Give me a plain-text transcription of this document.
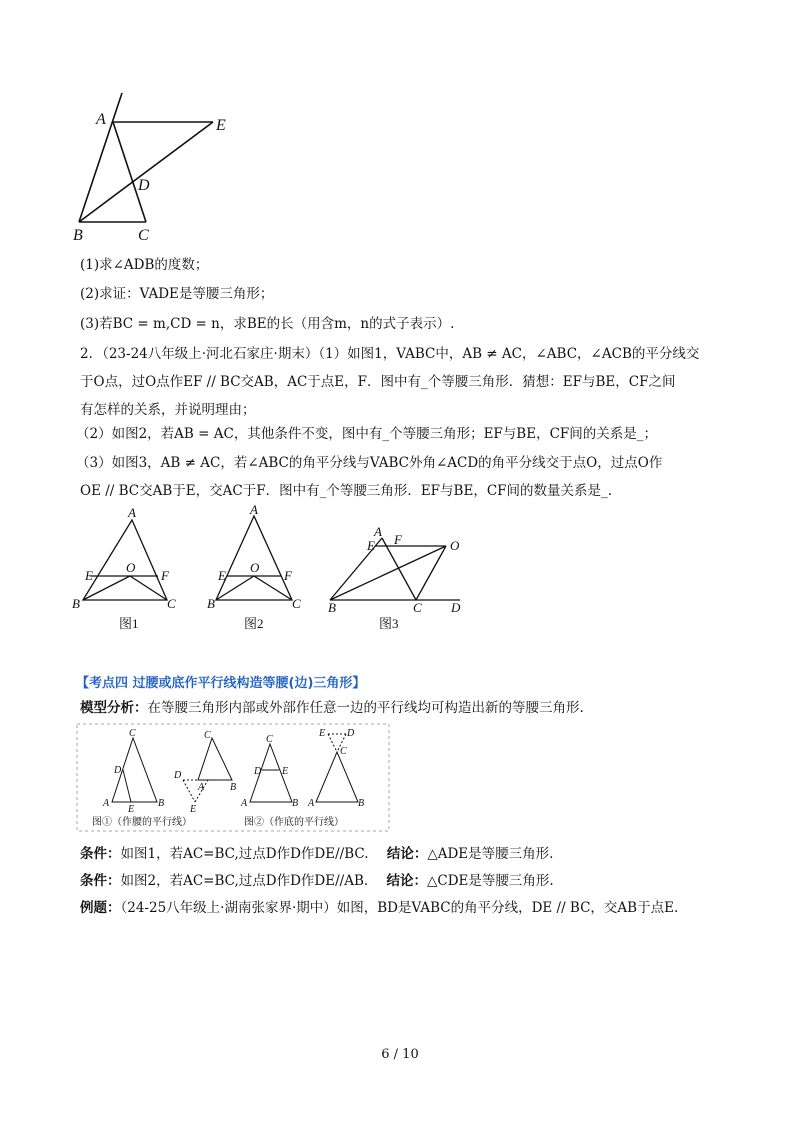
A	E
D
B	C
(1)求∠ADB的度数；
(2)求证：VADE是等腰三角形；
(3)若BC = m,CD = n，求BE的长（用含m，n的式子表示）.
2．（23-24八年级上·河北石家庄·期末）（1）如图1，VABC中，AB ≠ AC，∠ABC，∠ACB的平分线交
于O点，过O点作EF // BC交AB，AC于点E，F．图中有_个等腰三角形．猜想：EF与BE，CF之间
有怎样的关系，并说明理由；
（2）如图2，若AB = AC，其他条件不变，图中有_个等腰三角形；EF与BE，CF间的关系是_；
（3）如图3，AB ≠ AC，若∠ABC的角平分线与VABC外角∠ACD的角平分线交于点O，过点O作
OE // BC交AB于E，交AC于F．图中有_个等腰三角形．EF与BE，CF间的数量关系是_.
A
E
O
F
B	C
图1
A
E
O
F
B	C
图2
A
E F	O
B	C D
图3
【考点四 过腰或底作平行线构造等腰(边)三角形】
模型分析：在等腰三角形内部或外部作任意一边的平行线均可构造出新的等腰三角形.
C
D
A
E
B
C
D
A	B
E
C
D E
A	B
E D
C
A	B
图①（作腰的平行线）	图②（作底的平行线）
条件：如图1，若AC=BC,过点D作D作DE//BC. 结论：△ADE是等腰三角形.
条件：如图2，若AC=BC,过点D作D作DE//AB. 结论：△CDE是等腰三角形.
例题：（24-25八年级上·湖南张家界·期中）如图，BD是VABC的角平分线，DE // BC，交AB于点E.
6 / 10
